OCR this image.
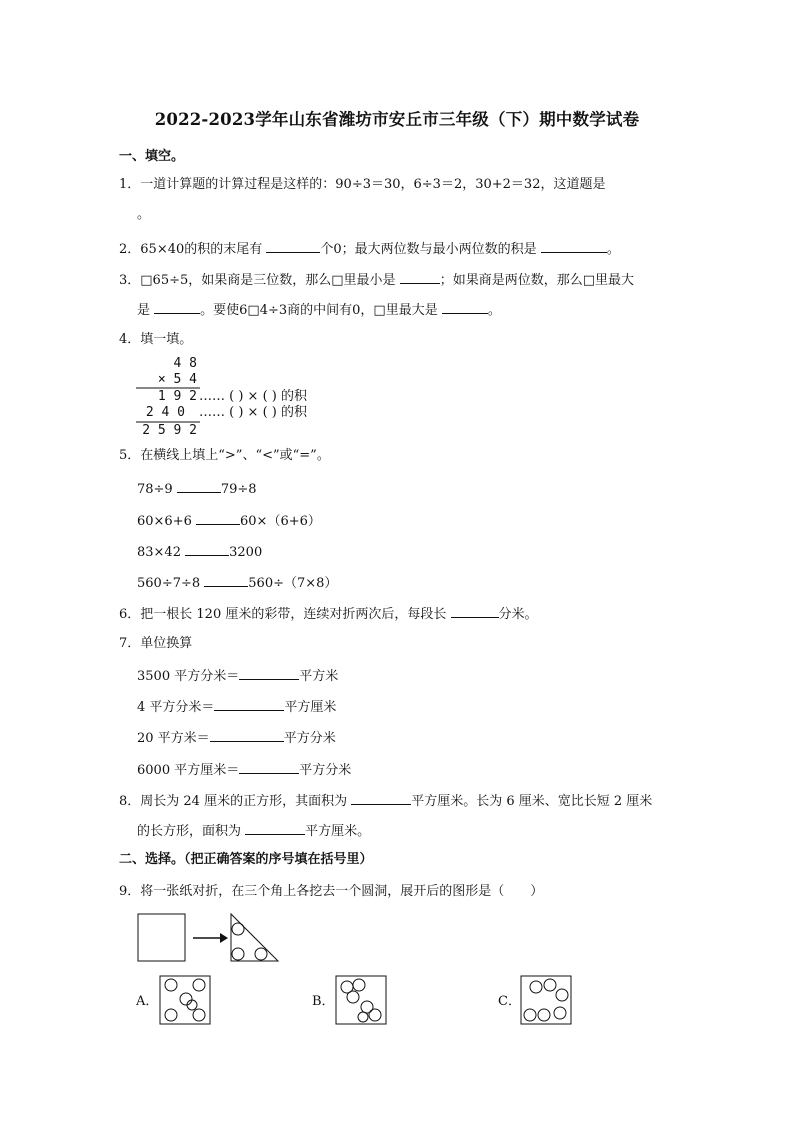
2022-2023学年山东省潍坊市安丘市三年级（下）期中数学试卷
一、填空。
1．一道计算题的计算过程是这样的：90÷3＝30，6÷3＝2，30+2＝32，这道题是
。
2．65×40的积的末尾有	个0；最大两位数与最小两位数的积是	。
3．□65÷5，如果商是三位数，那么□里最小是	；如果商是两位数，那么□里最大
是	。要使6□4÷3商的中间有0，□里最大是	。
4．填一填。
4 8
× 5 4
1 9 2 …… ( ) × ( ) 的积
2 4 0 …… ( ) × ( ) 的积
2 5 9 2
5．在横线上填上“>”、“<”或“=”。
78÷9	79÷8
60×6+6	60×（6+6）
83×42	3200
560÷7÷8	560÷（7×8）
6．把一根长 120 厘米的彩带，连续对折两次后，每段长	分米。
7．单位换算
3500 平方分米＝	平方米
4 平方分米＝	平方厘米
20 平方米＝	平方分米
6000 平方厘米＝	平方分米
8．周长为 24 厘米的正方形，其面积为	平方厘米。长为 6 厘米、宽比长短 2 厘米
的长方形，面积为	平方厘米。
二、选择。（把正确答案的序号填在括号里）
9．将一张纸对折，在三个角上各挖去一个圆洞，展开后的图形是（　　）
A．	B．	C．
